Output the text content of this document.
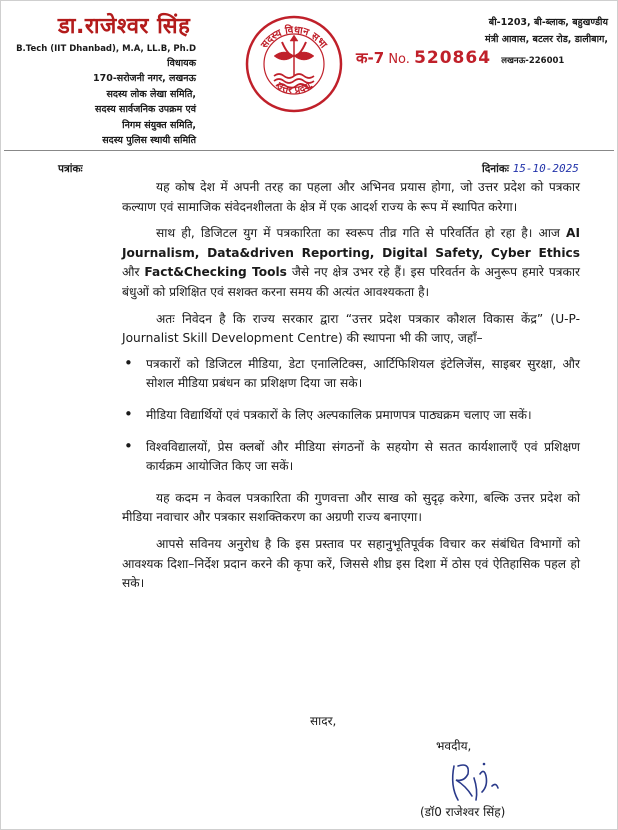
डा.राजेश्वर सिंह
B.Tech (IIT Dhanbad), M.A, LL.B, Ph.D
विधायक
170-सरोजनी नगर, लखनऊ
सदस्य लोक लेखा समिति,
सदस्य सार्वजनिक उपक्रम एवं
निगम संयुक्त समिति,
सदस्य पुलिस स्थायी समिति
सदस्य विधान सभा
उत्तर प्रदेश
बी-1203, बी-ब्लाक, बहुखण्डीय
मंत्री आवास, बटलर रोड, डालीबाग,
क-7 No. 520864 लखनऊ-226001
पत्रांकः	दिनांकः 15-10-2025

यह कोष देश में अपनी तरह का पहला और अभिनव प्रयास होगा, जो उत्तर प्रदेश को पत्रकार कल्याण एवं सामाजिक संवेदनशीलता के क्षेत्र में एक आदर्श राज्य के रूप में स्थापित करेगा।

साथ ही, डिजिटल युग में पत्रकारिता का स्वरूप तीव्र गति से परिवर्तित हो रहा है। आज AI Journalism, Data&driven Reporting, Digital Safety, Cyber Ethics और Fact&Checking Tools जैसे नए क्षेत्र उभर रहे हैं। इस परिवर्तन के अनुरूप हमारे पत्रकार बंधुओं को प्रशिक्षित एवं सशक्त करना समय की अत्यंत आवश्यकता है।

अतः निवेदन है कि राज्य सरकार द्वारा “उत्तर प्रदेश पत्रकार कौशल विकास केंद्र” (U-P- Journalist Skill Development Centre) की स्थापना भी की जाए, जहाँ–

• पत्रकारों को डिजिटल मीडिया, डेटा एनालिटिक्स, आर्टिफिशियल इंटेलिजेंस, साइबर सुरक्षा, और सोशल मीडिया प्रबंधन का प्रशिक्षण दिया जा सके।
• मीडिया विद्यार्थियों एवं पत्रकारों के लिए अल्पकालिक प्रमाणपत्र पाठ्यक्रम चलाए जा सकें।
• विश्वविद्यालयों, प्रेस क्लबों और मीडिया संगठनों के सहयोग से सतत कार्यशालाएँ एवं प्रशिक्षण कार्यक्रम आयोजित किए जा सकें।

यह कदम न केवल पत्रकारिता की गुणवत्ता और साख को सुदृढ़ करेगा, बल्कि उत्तर प्रदेश को मीडिया नवाचार और पत्रकार सशक्तिकरण का अग्रणी राज्य बनाएगा।

आपसे सविनय अनुरोध है कि इस प्रस्ताव पर सहानुभूतिपूर्वक विचार कर संबंधित विभागों को आवश्यक दिशा–निर्देश प्रदान करने की कृपा करें, जिससे शीघ्र इस दिशा में ठोस एवं ऐतिहासिक पहल हो सके।

सादर,
भवदीय,
(डॉ0 राजेश्वर सिंह)
